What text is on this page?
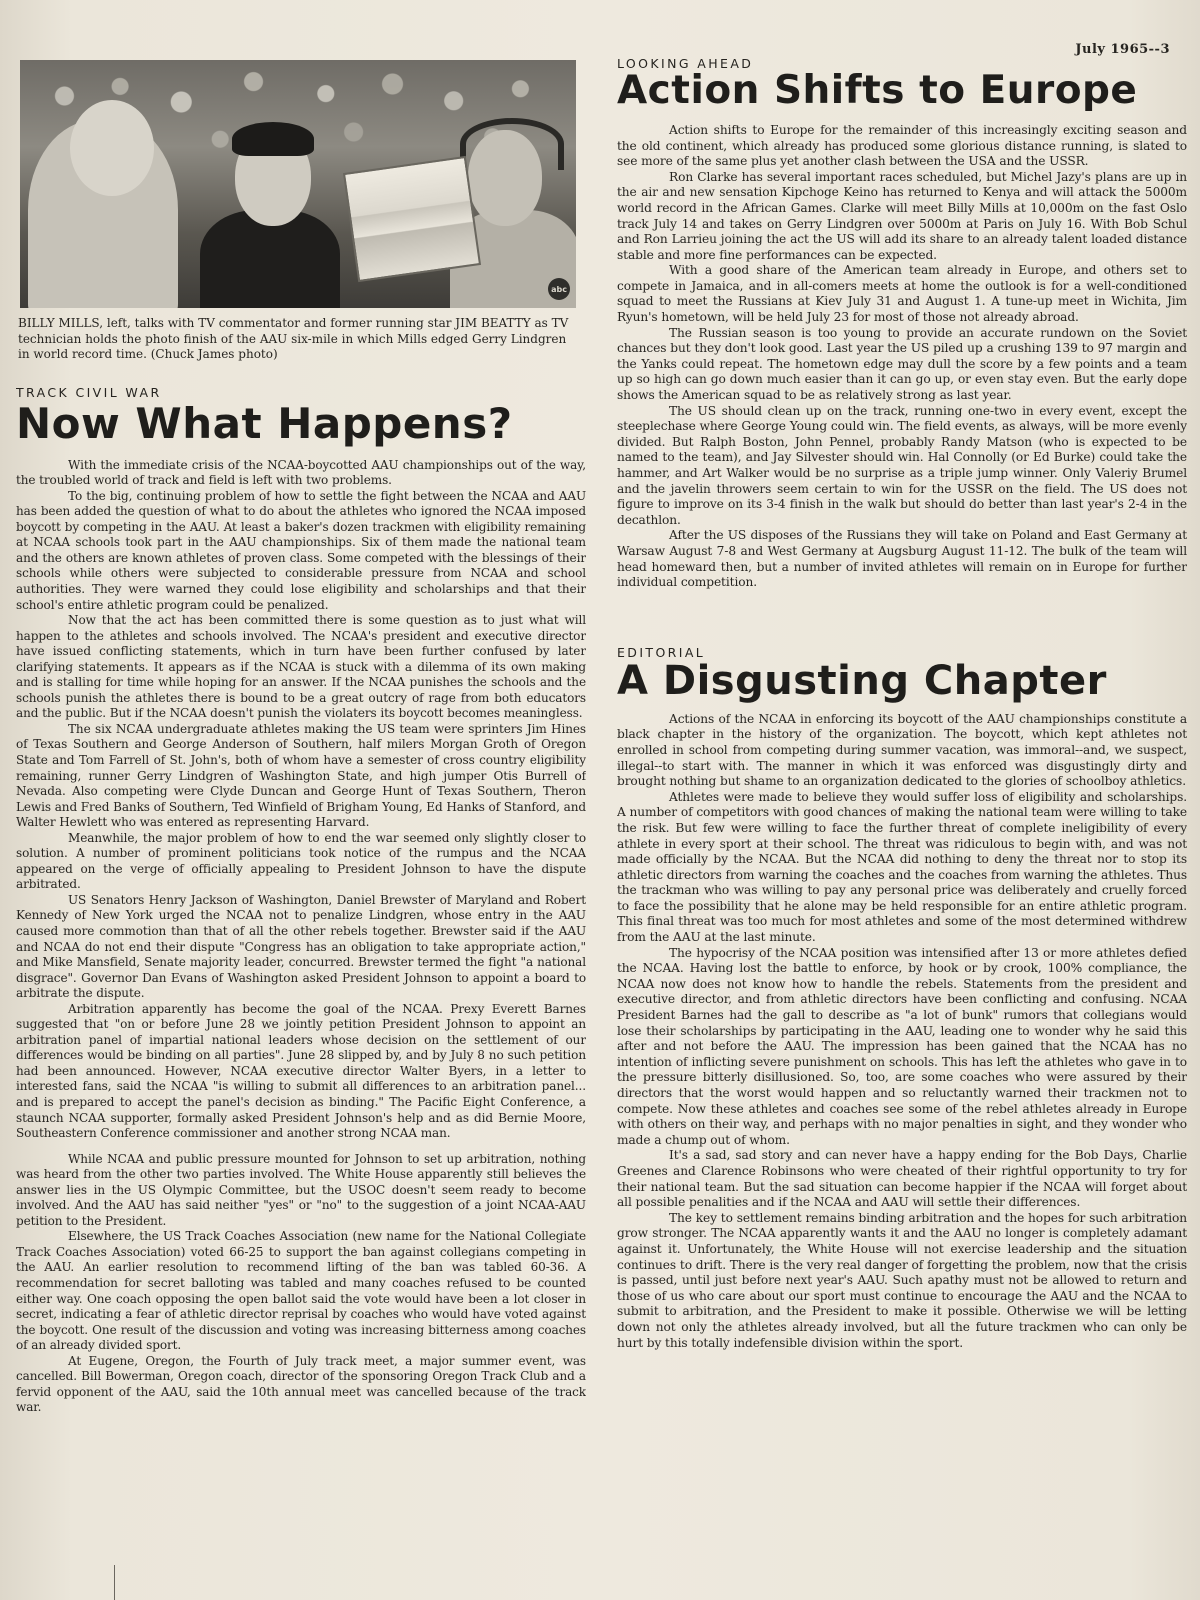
July 1965--3
abc

BILLY MILLS, left, talks with TV commentator and former running star JIM BEATTY as TV technician holds the photo finish of the AAU six-mile in which Mills edged Gerry Lindgren in world record time. (Chuck James photo)

TRACK CIVIL WAR

Now What Happens?

With the immediate crisis of the NCAA-boycotted AAU championships out of the way, the troubled world of track and field is left with two problems.

To the big, continuing problem of how to settle the fight between the NCAA and AAU has been added the question of what to do about the athletes who ignored the NCAA imposed boycott by competing in the AAU. At least a baker's dozen trackmen with eligibility remaining at NCAA schools took part in the AAU championships. Six of them made the national team and the others are known athletes of proven class. Some competed with the blessings of their schools while others were subjected to considerable pressure from NCAA and school authorities. They were warned they could lose eligibility and scholarships and that their school's entire athletic program could be penalized.

Now that the act has been committed there is some question as to just what will happen to the athletes and schools involved. The NCAA's president and executive director have issued conflicting statements, which in turn have been further confused by later clarifying statements. It appears as if the NCAA is stuck with a dilemma of its own making and is stalling for time while hoping for an answer. If the NCAA punishes the schools and the schools punish the athletes there is bound to be a great outcry of rage from both educators and the public. But if the NCAA doesn't punish the violaters its boycott becomes meaningless.

The six NCAA undergraduate athletes making the US team were sprinters Jim Hines of Texas Southern and George Anderson of Southern, half milers Morgan Groth of Oregon State and Tom Farrell of St. John's, both of whom have a semester of cross country eligibility remaining, runner Gerry Lindgren of Washington State, and high jumper Otis Burrell of Nevada. Also competing were Clyde Duncan and George Hunt of Texas Southern, Theron Lewis and Fred Banks of Southern, Ted Winfield of Brigham Young, Ed Hanks of Stanford, and Walter Hewlett who was entered as representing Harvard.

Meanwhile, the major problem of how to end the war seemed only slightly closer to solution. A number of prominent politicians took notice of the rumpus and the NCAA appeared on the verge of officially appealing to President Johnson to have the dispute arbitrated.

US Senators Henry Jackson of Washington, Daniel Brewster of Maryland and Robert Kennedy of New York urged the NCAA not to penalize Lindgren, whose entry in the AAU caused more commotion than that of all the other rebels together. Brewster said if the AAU and NCAA do not end their dispute "Congress has an obligation to take appropriate action," and Mike Mansfield, Senate majority leader, concurred. Brewster termed the fight "a national disgrace". Governor Dan Evans of Washington asked President Johnson to appoint a board to arbitrate the dispute.

Arbitration apparently has become the goal of the NCAA. Prexy Everett Barnes suggested that "on or before June 28 we jointly petition President Johnson to appoint an arbitration panel of impartial national leaders whose decision on the settlement of our differences would be binding on all parties". June 28 slipped by, and by July 8 no such petition had been announced. However, NCAA executive director Walter Byers, in a letter to interested fans, said the NCAA "is willing to submit all differences to an arbitration panel... and is prepared to accept the panel's decision as binding." The Pacific Eight Conference, a staunch NCAA supporter, formally asked President Johnson's help and as did Bernie Moore, Southeastern Conference commissioner and another strong NCAA man.

While NCAA and public pressure mounted for Johnson to set up arbitration, nothing was heard from the other two parties involved. The White House apparently still believes the answer lies in the US Olympic Committee, but the USOC doesn't seem ready to become involved. And the AAU has said neither "yes" or "no" to the suggestion of a joint NCAA-AAU petition to the President.

Elsewhere, the US Track Coaches Association (new name for the National Collegiate Track Coaches Association) voted 66-25 to support the ban against collegians competing in the AAU. An earlier resolution to recommend lifting of the ban was tabled 60-36. A recommendation for secret balloting was tabled and many coaches refused to be counted either way. One coach opposing the open ballot said the vote would have been a lot closer in secret, indicating a fear of athletic director reprisal by coaches who would have voted against the boycott. One result of the discussion and voting was increasing bitterness among coaches of an already divided sport.

At Eugene, Oregon, the Fourth of July track meet, a major summer event, was cancelled. Bill Bowerman, Oregon coach, director of the sponsoring Oregon Track Club and a fervid opponent of the AAU, said the 10th annual meet was cancelled because of the track war.

LOOKING AHEAD

Action Shifts to Europe

Action shifts to Europe for the remainder of this increasingly exciting season and the old continent, which already has produced some glorious distance running, is slated to see more of the same plus yet another clash between the USA and the USSR.

Ron Clarke has several important races scheduled, but Michel Jazy's plans are up in the air and new sensation Kipchoge Keino has returned to Kenya and will attack the 5000m world record in the African Games. Clarke will meet Billy Mills at 10,000m on the fast Oslo track July 14 and takes on Gerry Lindgren over 5000m at Paris on July 16. With Bob Schul and Ron Larrieu joining the act the US will add its share to an already talent loaded distance stable and more fine performances can be expected.

With a good share of the American team already in Europe, and others set to compete in Jamaica, and in all-comers meets at home the outlook is for a well-conditioned squad to meet the Russians at Kiev July 31 and August 1. A tune-up meet in Wichita, Jim Ryun's hometown, will be held July 23 for most of those not already abroad.

The Russian season is too young to provide an accurate rundown on the Soviet chances but they don't look good. Last year the US piled up a crushing 139 to 97 margin and the Yanks could repeat. The hometown edge may dull the score by a few points and a team up so high can go down much easier than it can go up, or even stay even. But the early dope shows the American squad to be as relatively strong as last year.

The US should clean up on the track, running one-two in every event, except the steeplechase where George Young could win. The field events, as always, will be more evenly divided. But Ralph Boston, John Pennel, probably Randy Matson (who is expected to be named to the team), and Jay Silvester should win. Hal Connolly (or Ed Burke) could take the hammer, and Art Walker would be no surprise as a triple jump winner. Only Valeriy Brumel and the javelin throwers seem certain to win for the USSR on the field. The US does not figure to improve on its 3-4 finish in the walk but should do better than last year's 2-4 in the decathlon.

After the US disposes of the Russians they will take on Poland and East Germany at Warsaw August 7-8 and West Germany at Augsburg August 11-12. The bulk of the team will head homeward then, but a number of invited athletes will remain on in Europe for further individual competition.

EDITORIAL

A Disgusting Chapter

Actions of the NCAA in enforcing its boycott of the AAU championships constitute a black chapter in the history of the organization. The boycott, which kept athletes not enrolled in school from competing during summer vacation, was immoral--and, we suspect, illegal--to start with. The manner in which it was enforced was disgustingly dirty and brought nothing but shame to an organization dedicated to the glories of schoolboy athletics.

Athletes were made to believe they would suffer loss of eligibility and scholarships. A number of competitors with good chances of making the national team were willing to take the risk. But few were willing to face the further threat of complete ineligibility of every athlete in every sport at their school. The threat was ridiculous to begin with, and was not made officially by the NCAA. But the NCAA did nothing to deny the threat nor to stop its athletic directors from warning the coaches and the coaches from warning the athletes. Thus the trackman who was willing to pay any personal price was deliberately and cruelly forced to face the possibility that he alone may be held responsible for an entire athletic program. This final threat was too much for most athletes and some of the most determined withdrew from the AAU at the last minute.

The hypocrisy of the NCAA position was intensified after 13 or more athletes defied the NCAA. Having lost the battle to enforce, by hook or by crook, 100% compliance, the NCAA now does not know how to handle the rebels. Statements from the president and executive director, and from athletic directors have been conflicting and confusing. NCAA President Barnes had the gall to describe as "a lot of bunk" rumors that collegians would lose their scholarships by participating in the AAU, leading one to wonder why he said this after and not before the AAU. The impression has been gained that the NCAA has no intention of inflicting severe punishment on schools. This has left the athletes who gave in to the pressure bitterly disillusioned. So, too, are some coaches who were assured by their directors that the worst would happen and so reluctantly warned their trackmen not to compete. Now these athletes and coaches see some of the rebel athletes already in Europe with others on their way, and perhaps with no major penalties in sight, and they wonder who made a chump out of whom.

It's a sad, sad story and can never have a happy ending for the Bob Days, Charlie Greenes and Clarence Robinsons who were cheated of their rightful opportunity to try for their national team. But the sad situation can become happier if the NCAA will forget about all possible penalities and if the NCAA and AAU will settle their differences.

The key to settlement remains binding arbitration and the hopes for such arbitration grow stronger. The NCAA apparently wants it and the AAU no longer is completely adamant against it. Unfortunately, the White House will not exercise leadership and the situation continues to drift. There is the very real danger of forgetting the problem, now that the crisis is passed, until just before next year's AAU. Such apathy must not be allowed to return and those of us who care about our sport must continue to encourage the AAU and the NCAA to submit to arbitration, and the President to make it possible. Otherwise we will be letting down not only the athletes already involved, but all the future trackmen who can only be hurt by this totally indefensible division within the sport.
